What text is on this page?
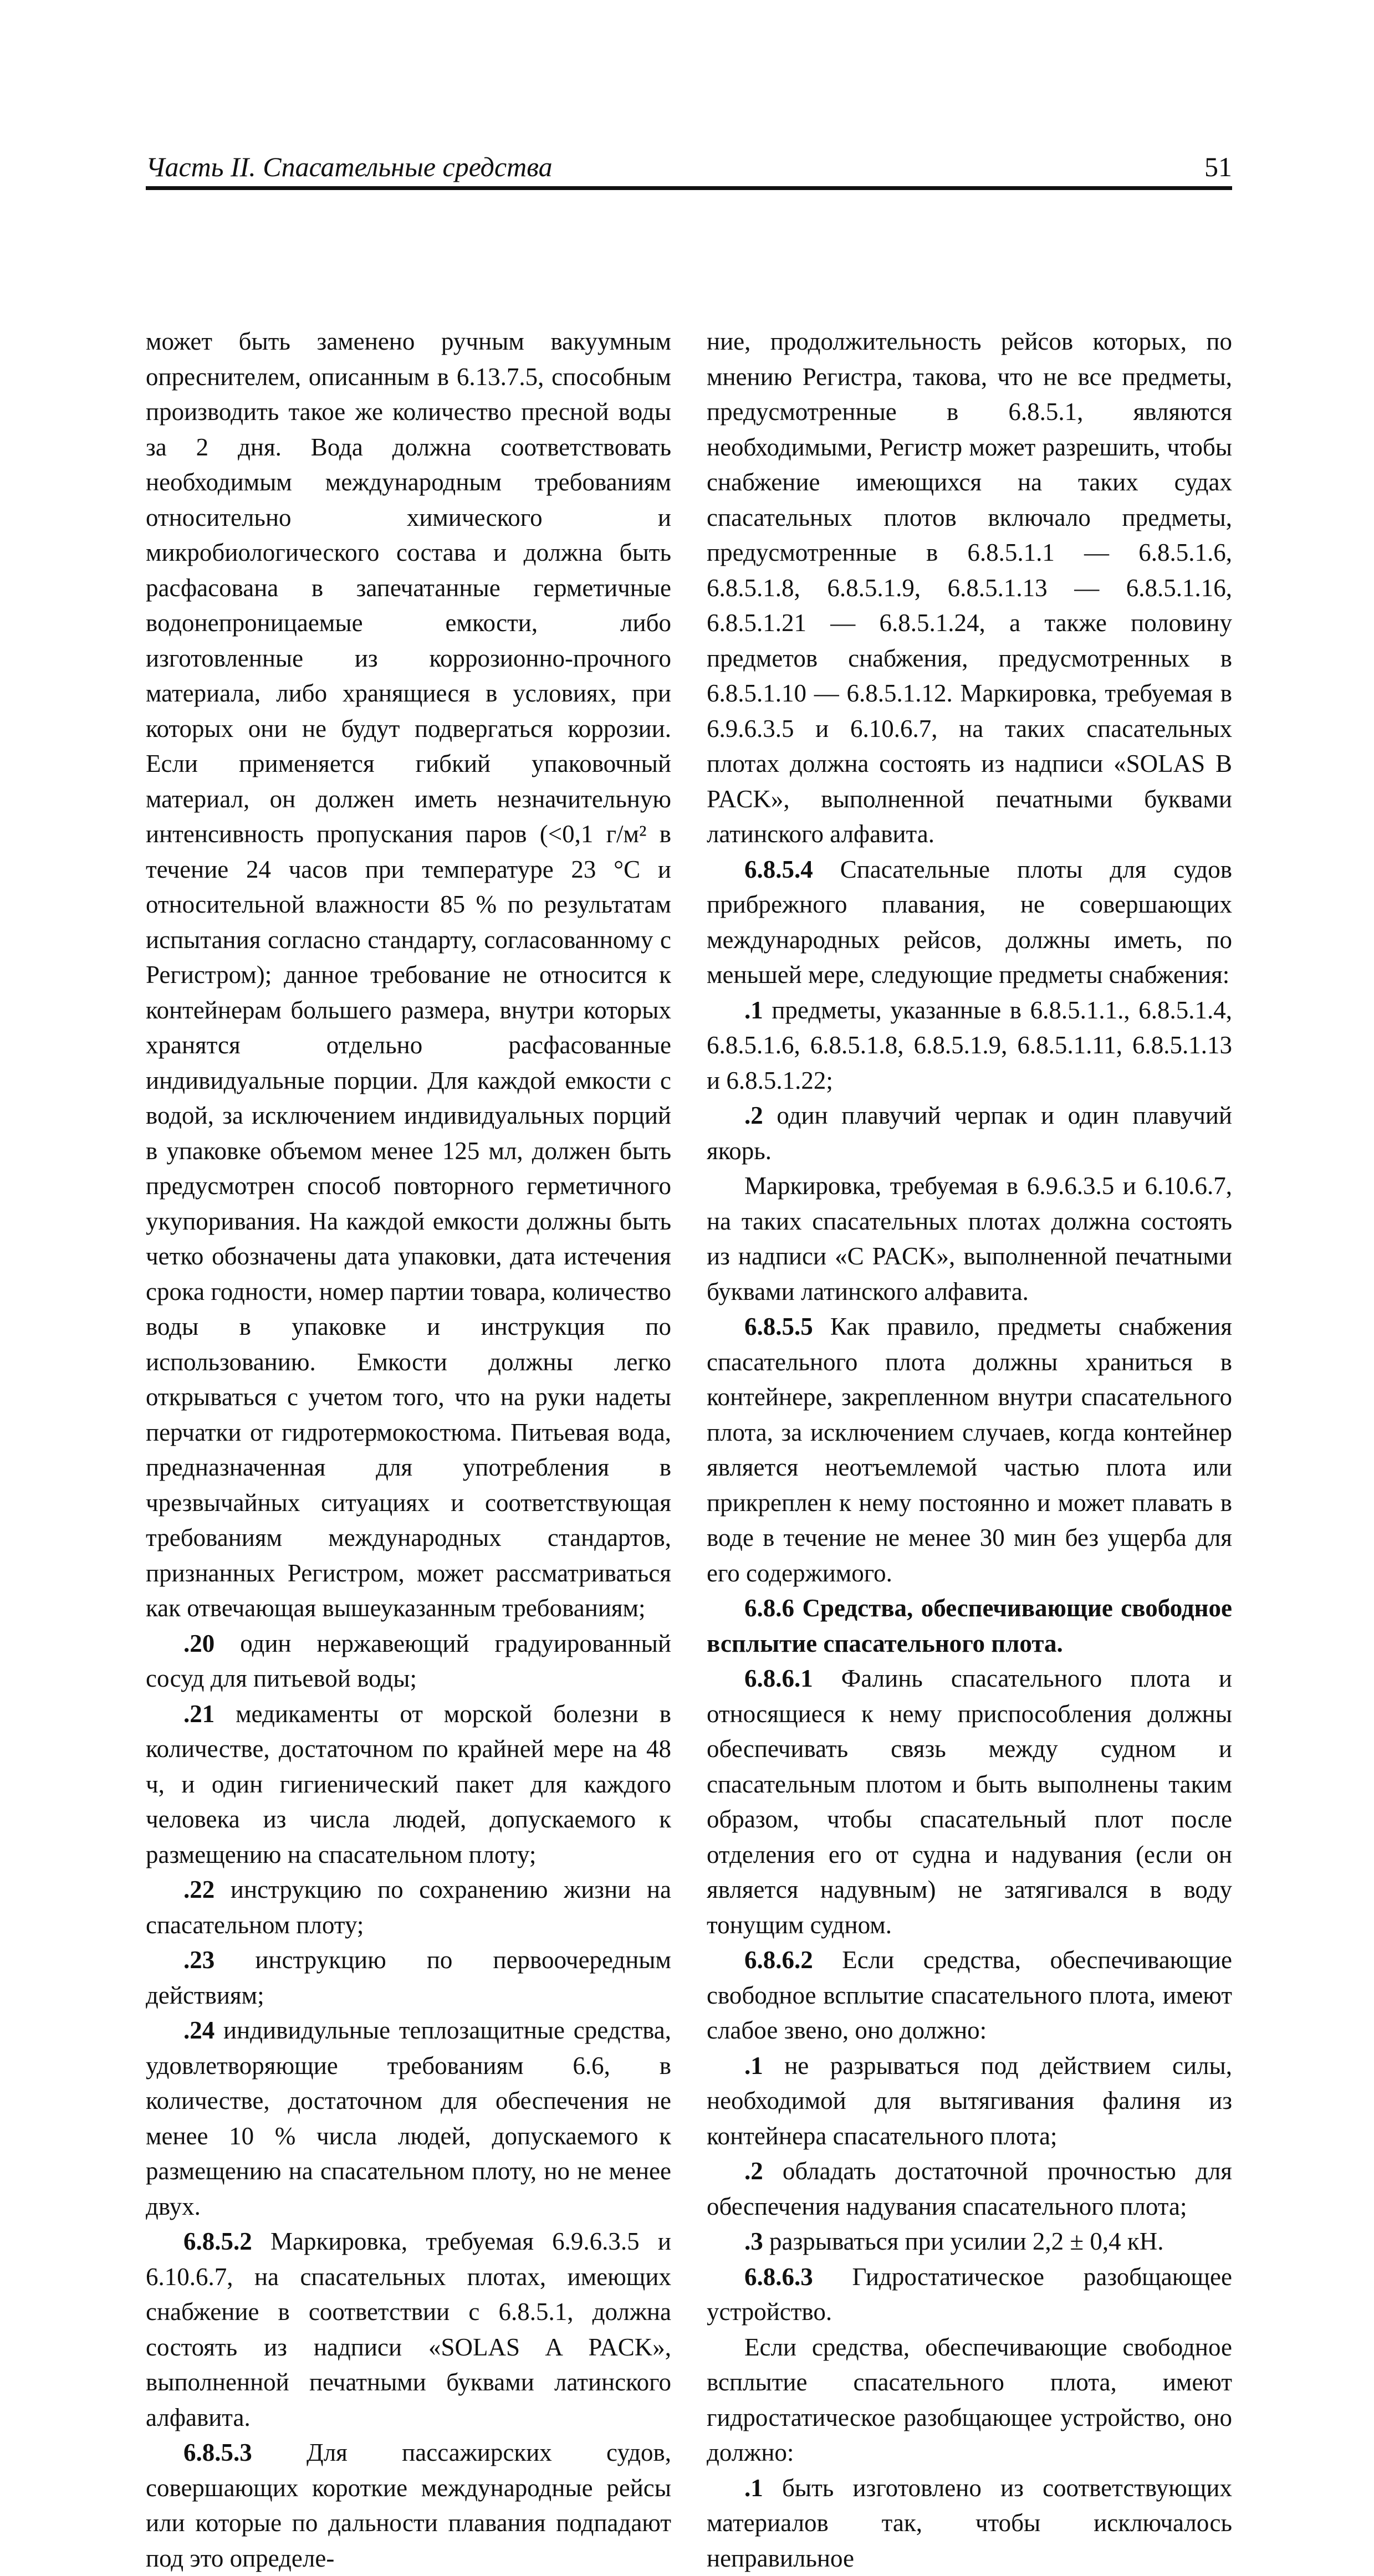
Часть II. Спасательные средства	51

может быть заменено ручным вакуумным опреснителем, описанным в 6.13.7.5, способным производить такое же количество пресной воды за 2 дня. Вода должна соответствовать необходимым международным требованиям относительно химического и микробиологического состава и должна быть расфасована в запечатанные герметичные водонепроницаемые емкости, либо изготовленные из коррозионно-прочного материала, либо хранящиеся в условиях, при которых они не будут подвергаться коррозии. Если применяется гибкий упаковочный материал, он должен иметь незначительную интенсивность пропускания паров (<0,1 г/м² в течение 24 часов при температуре 23 °С и относительной влажности 85 % по результатам испытания согласно стандарту, согласованному с Регистром); данное требование не относится к контейнерам большего размера, внутри которых хранятся отдельно расфасованные индивидуальные порции. Для каждой емкости с водой, за исключением индивидуальных порций в упаковке объемом менее 125 мл, должен быть предусмотрен способ повторного герметичного укупоривания. На каждой емкости должны быть четко обозначены дата упаковки, дата истечения срока годности, номер партии товара, количество воды в упаковке и инструкция по использованию. Емкости должны легко открываться с учетом того, что на руки надеты перчатки от гидротермокостюма. Питьевая вода, предназначенная для употребления в чрезвычайных ситуациях и соответствующая требованиям международных стандартов, признанных Регистром, может рассматриваться как отвечающая вышеуказанным требованиям;

.20 один нержавеющий градуированный сосуд для питьевой воды;

.21 медикаменты от морской болезни в количестве, достаточном по крайней мере на 48 ч, и один гигиенический пакет для каждого человека из числа людей, допускаемого к размещению на спасательном плоту;

.22 инструкцию по сохранению жизни на спасательном плоту;

.23 инструкцию по первоочередным действиям;

.24 индивидульные теплозащитные средства, удовлетворяющие требованиям 6.6, в количестве, достаточном для обеспечения не менее 10 % числа людей, допускаемого к размещению на спасательном плоту, но не менее двух.

6.8.5.2 Маркировка, требуемая 6.9.6.3.5 и 6.10.6.7, на спасательных плотах, имеющих снабжение в соответствии с 6.8.5.1, должна состоять из надписи «SOLAS A PACK», выполненной печатными буквами латинского алфавита.

6.8.5.3 Для пассажирских судов, совершающих короткие международные рейсы или которые по дальности плавания подпадают под это определе-

ние, продолжительность рейсов которых, по мнению Регистра, такова, что не все предметы, предусмотренные в 6.8.5.1, являются необходимыми, Регистр может разрешить, чтобы снабжение имеющихся на таких судах спасательных плотов включало предметы, предусмотренные в 6.8.5.1.1 — 6.8.5.1.6, 6.8.5.1.8, 6.8.5.1.9, 6.8.5.1.13 — 6.8.5.1.16, 6.8.5.1.21 — 6.8.5.1.24, а также половину предметов снабжения, предусмотренных в 6.8.5.1.10 — 6.8.5.1.12. Маркировка, требуемая в 6.9.6.3.5 и 6.10.6.7, на таких спасательных плотах должна состоять из надписи «SOLAS B PACK», выполненной печатными буквами латинского алфавита.

6.8.5.4 Спасательные плоты для судов прибрежного плавания, не совершающих международных рейсов, должны иметь, по меньшей мере, следующие предметы снабжения:

.1 предметы, указанные в 6.8.5.1.1., 6.8.5.1.4, 6.8.5.1.6, 6.8.5.1.8, 6.8.5.1.9, 6.8.5.1.11, 6.8.5.1.13 и 6.8.5.1.22;

.2 один плавучий черпак и один плавучий якорь.

Маркировка, требуемая в 6.9.6.3.5 и 6.10.6.7, на таких спасательных плотах должна состоять из надписи «C PACK», выполненной печатными буквами латинского алфавита.

6.8.5.5 Как правило, предметы снабжения спасательного плота должны храниться в контейнере, закрепленном внутри спасательного плота, за исключением случаев, когда контейнер является неотъемлемой частью плота или прикреплен к нему постоянно и может плавать в воде в течение не менее 30 мин без ущерба для его содержимого.

6.8.6 Средства, обеспечивающие свободное всплытие спасательного плота.

6.8.6.1 Фалинь спасательного плота и относящиеся к нему приспособления должны обеспечивать связь между судном и спасательным плотом и быть выполнены таким образом, чтобы спасательный плот после отделения его от судна и надувания (если он является надувным) не затягивался в воду тонущим судном.

6.8.6.2 Если средства, обеспечивающие свободное всплытие спасательного плота, имеют слабое звено, оно должно:

.1 не разрываться под действием силы, необходимой для вытягивания фалиня из контейнера спасательного плота;

.2 обладать достаточной прочностью для обеспечения надувания спасательного плота;

.3 разрываться при усилии 2,2 ± 0,4 кН.

6.8.6.3 Гидростатическое разобщающее устройство.

Если средства, обеспечивающие свободное всплытие спасательного плота, имеют гидростатическое разобщающее устройство, оно должно:

.1 быть изготовлено из соответствующих материалов так, чтобы исключалось неправильное
